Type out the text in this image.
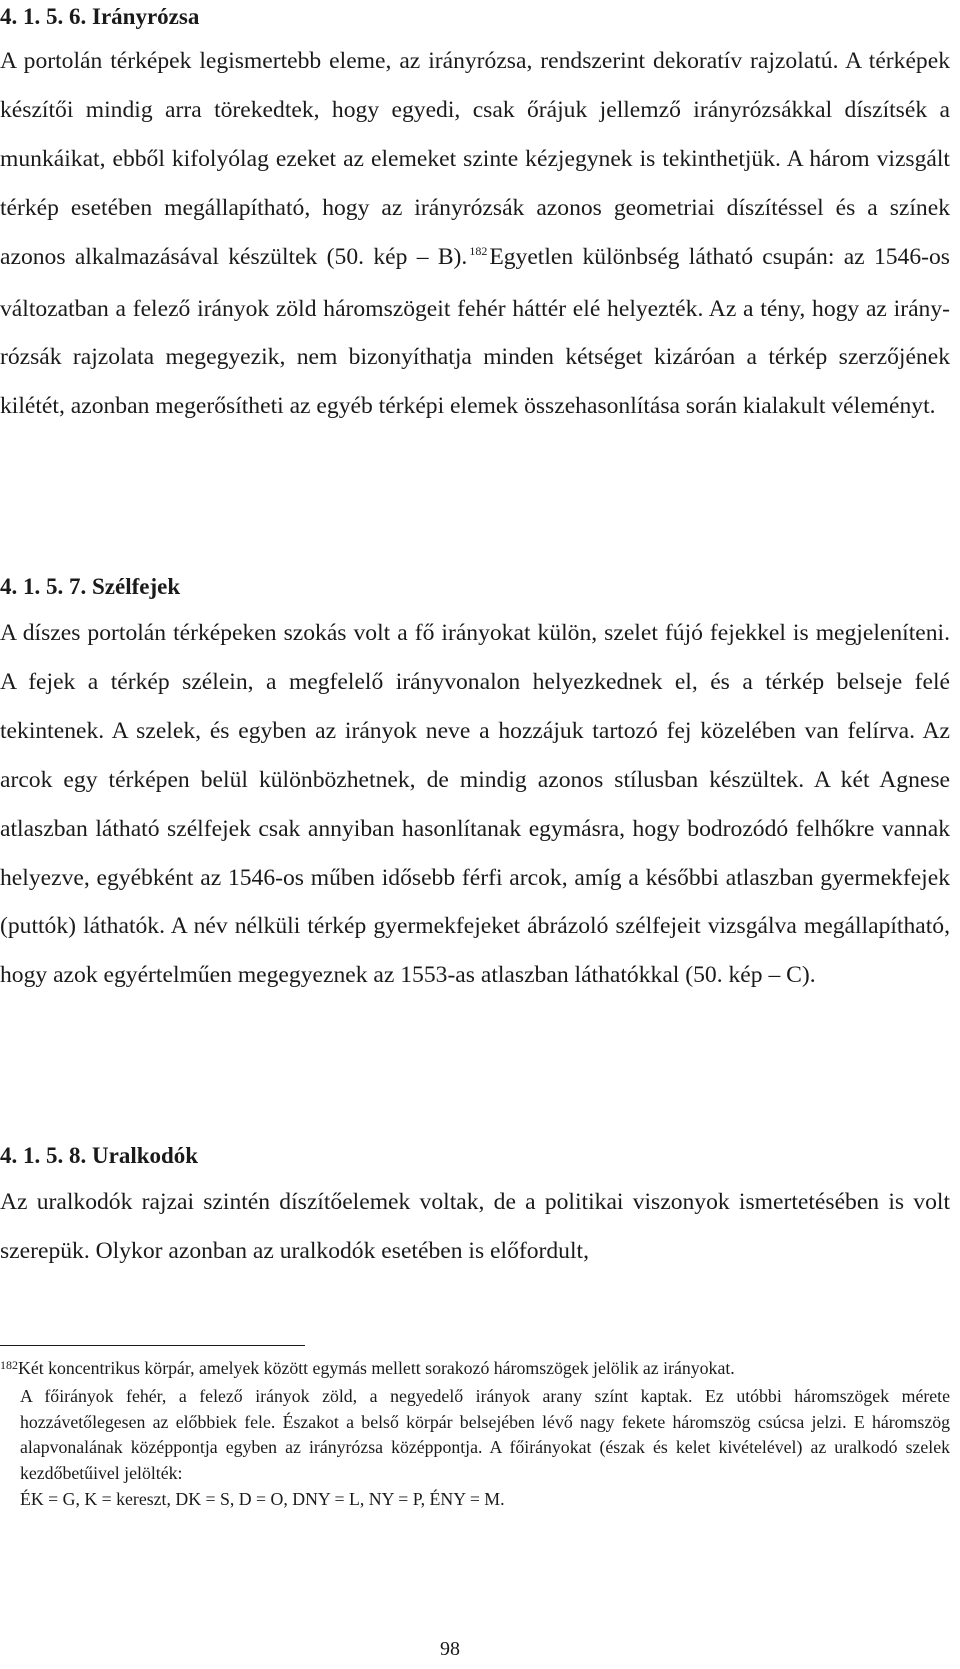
4. 1. 5. 6. Irányrózsa

A portolán térképek legismertebb eleme, az irányrózsa, rendszerint dekoratív rajzolatú. A térképek készítői mindig arra törekedtek, hogy egyedi, csak őrájuk jellemző irányrózsákkal díszítsék a munkáikat, ebből kifolyólag ezeket az elemeket szinte kézjegynek is tekinthetjük. A három vizsgált térkép esetében megállapítható, hogy az irányrózsák azonos geometriai díszítéssel és a színek azonos alkalmazásával készültek (50. kép – B). $^{182}$Egyetlen különbség látható csupán: az 1546-os változatban a felező irányok zöld háromszögeit fehér háttér elé helyezték. Az a tény, hogy az irányrózsák rajzolata megegyezik, nem bizonyíthatja minden kétséget kizáróan a térkép szerzőjének kilétét, azonban megerősítheti az egyéb térképi elemek összehasonlítása során kialakult véleményt.

4. 1. 5. 7. Szélfejek

A díszes portolán térképeken szokás volt a fő irányokat külön, szelet fújó fejekkel is megjeleníteni. A fejek a térkép szélein, a megfelelő irányvonalon helyezkednek el, és a térkép belseje felé tekintenek. A szelek, és egyben az irányok neve a hozzájuk tartozó fej közelében van felírva. Az arcok egy térképen belül különbözhetnek, de mindig azonos stílusban készültek. A két Agnese atlaszban látható szélfejek csak annyiban hasonlítanak egymásra, hogy bodrozódó felhőkre vannak helyezve, egyébként az 1546-os műben idősebb férfi arcok, amíg a későbbi atlaszban gyermekfejek (puttók) láthatók. A név nélküli térkép gyermekfejeket ábrázoló szélfejeit vizsgálva megállapítható, hogy azok egyértelműen megegyeznek az 1553-as atlaszban láthatókkal (50. kép – C).

4. 1. 5. 8. Uralkodók

Az uralkodók rajzai szintén díszítőelemek voltak, de a politikai viszonyok ismertetésében is volt szerepük. Olykor azonban az uralkodók esetében is előfordult,

$^{182}$Két koncentrikus körpár, amelyek között egymás mellett sorakozó háromszögek jelölik az irányokat.
A főirányok fehér, a felező irányok zöld, a negyedelő irányok arany színt kaptak. Ez utóbbi háromszögek mérete hozzávetőlegesen az előbbiek fele. Északot a belső körpár belsejében lévő nagy fekete háromszög csúcsa jelzi. E háromszög alapvonalának középpontja egyben az irányrózsa középpontja. A főirányokat (észak és kelet kivételével) az uralkodó szelek kezdőbetűivel jelölték:
ÉK = G, K = kereszt, DK = S, D = O, DNY = L, NY = P, ÉNY = M.
98
